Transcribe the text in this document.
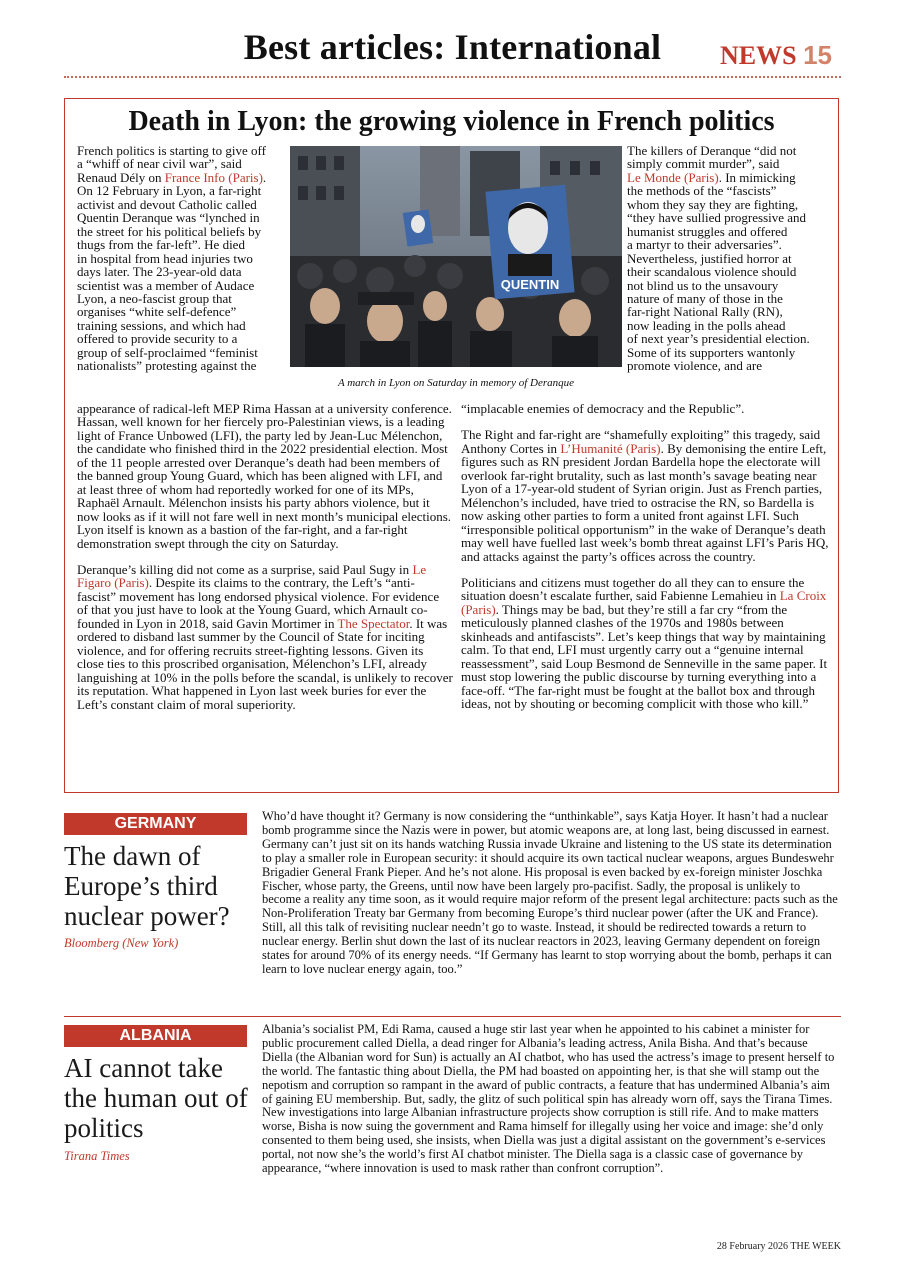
Best articles: International	NEWS 15
Death in Lyon: the growing violence in French politics
French politics is starting to give off
a “whiff of near civil war”, said
Renaud Dély on France Info (Paris).
On 12 February in Lyon, a far-right
activist and devout Catholic called
Quentin Deranque was “lynched in
the street for his political beliefs by
thugs from the far-left”. He died
in hospital from head injuries two
days later. The 23-year-old data
scientist was a member of Audace
Lyon, a neo-fascist group that
organises “white self-defence”
training sessions, and which had
offered to provide security to a
group of self-proclaimed “feminist
nationalists” protesting against the
QUENTIN
A march in Lyon on Saturday in memory of Deranque
The killers of Deranque “did not
simply commit murder”, said
Le Monde (Paris). In mimicking
the methods of the “fascists”
whom they say they are fighting,
“they have sullied progressive and
humanist struggles and offered
a martyr to their adversaries”.
Nevertheless, justified horror at
their scandalous violence should
not blind us to the unsavoury
nature of many of those in the
far-right National Rally (RN),
now leading in the polls ahead
of next year’s presidential election.
Some of its supporters wantonly
promote violence, and are

appearance of radical-left MEP Rima Hassan at a university conference. Hassan, well known for her fiercely pro-Palestinian views, is a leading light of France Unbowed (LFI), the party led by Jean-Luc Mélenchon, the candidate who finished third in the 2022 presidential election. Most of the 11 people arrested over Deranque’s death had been members of the banned group Young Guard, which has been aligned with LFI, and at least three of whom had reportedly worked for one of its MPs, Raphaël Arnault. Mélenchon insists his party abhors violence, but it now looks as if it will not fare well in next month’s municipal elections. Lyon itself is known as a bastion of the far-right, and a far-right demonstration swept through the city on Saturday.

Deranque’s killing did not come as a surprise, said Paul Sugy in Le Figaro (Paris). Despite its claims to the contrary, the Left’s “anti-fascist” movement has long endorsed physical violence. For evidence of that you just have to look at the Young Guard, which Arnault co-founded in Lyon in 2018, said Gavin Mortimer in The Spectator. It was ordered to disband last summer by the Council of State for inciting violence, and for offering recruits street-fighting lessons. Given its close ties to this proscribed organisation, Mélenchon’s LFI, already languishing at 10% in the polls before the scandal, is unlikely to recover its reputation. What happened in Lyon last week buries for ever the Left’s constant claim of moral superiority.

“implacable enemies of democracy and the Republic”.

The Right and far-right are “shamefully exploiting” this tragedy, said Anthony Cortes in L’Humanité (Paris). By demonising the entire Left, figures such as RN president Jordan Bardella hope the electorate will overlook far-right brutality, such as last month’s savage beating near Lyon of a 17-year-old student of Syrian origin. Just as French parties, Mélenchon’s included, have tried to ostracise the RN, so Bardella is now asking other parties to form a united front against LFI. Such “irresponsible political opportunism” in the wake of Deranque’s death may well have fuelled last week’s bomb threat against LFI’s Paris HQ, and attacks against the party’s offices across the country.

Politicians and citizens must together do all they can to ensure the situation doesn’t escalate further, said Fabienne Lemahieu in La Croix (Paris). Things may be bad, but they’re still a far cry “from the meticulously planned clashes of the 1970s and 1980s between skinheads and antifascists”. Let’s keep things that way by maintaining calm. To that end, LFI must urgently carry out a “genuine internal reassessment”, said Loup Besmond de Senneville in the same paper. It must stop lowering the public discourse by turning everything into a face-off. “The far-right must be fought at the ballot box and through ideas, not by shouting or becoming complicit with those who kill.”

GERMANY
The dawn of Europe’s third nuclear power?
Bloomberg (New York)
Who’d have thought it? Germany is now considering the “unthinkable”, says Katja Hoyer. It hasn’t had a nuclear bomb programme since the Nazis were in power, but atomic weapons are, at long last, being discussed in earnest. Germany can’t just sit on its hands watching Russia invade Ukraine and listening to the US state its determination to play a smaller role in European security: it should acquire its own tactical nuclear weapons, argues Bundeswehr Brigadier General Frank Pieper. And he’s not alone. His proposal is even backed by ex-foreign minister Joschka Fischer, whose party, the Greens, until now have been largely pro-pacifist. Sadly, the proposal is unlikely to become a reality any time soon, as it would require major reform of the present legal architecture: pacts such as the Non-Proliferation Treaty bar Germany from becoming Europe’s third nuclear power (after the UK and France). Still, all this talk of revisiting nuclear needn’t go to waste. Instead, it should be redirected towards a return to nuclear energy. Berlin shut down the last of its nuclear reactors in 2023, leaving Germany dependent on foreign states for around 70% of its energy needs. “If Germany has learnt to stop worrying about the bomb, perhaps it can learn to love nuclear energy again, too.”
ALBANIA
AI cannot take the human out of politics
Tirana Times
Albania’s socialist PM, Edi Rama, caused a huge stir last year when he appointed to his cabinet a minister for public procurement called Diella, a dead ringer for Albania’s leading actress, Anila Bisha. And that’s because Diella (the Albanian word for Sun) is actually an AI chatbot, who has used the actress’s image to present herself to the world. The fantastic thing about Diella, the PM had boasted on appointing her, is that she will stamp out the nepotism and corruption so rampant in the award of public contracts, a feature that has undermined Albania’s aim of gaining EU membership. But, sadly, the glitz of such political spin has already worn off, says the Tirana Times. New investigations into large Albanian infrastructure projects show corruption is still rife. And to make matters worse, Bisha is now suing the government and Rama himself for illegally using her voice and image: she’d only consented to them being used, she insists, when Diella was just a digital assistant on the government’s e-services portal, not now she’s the world’s first AI chatbot minister. The Diella saga is a classic case of governance by appearance, “where innovation is used to mask rather than confront corruption”.
28 February 2026 THE WEEK
